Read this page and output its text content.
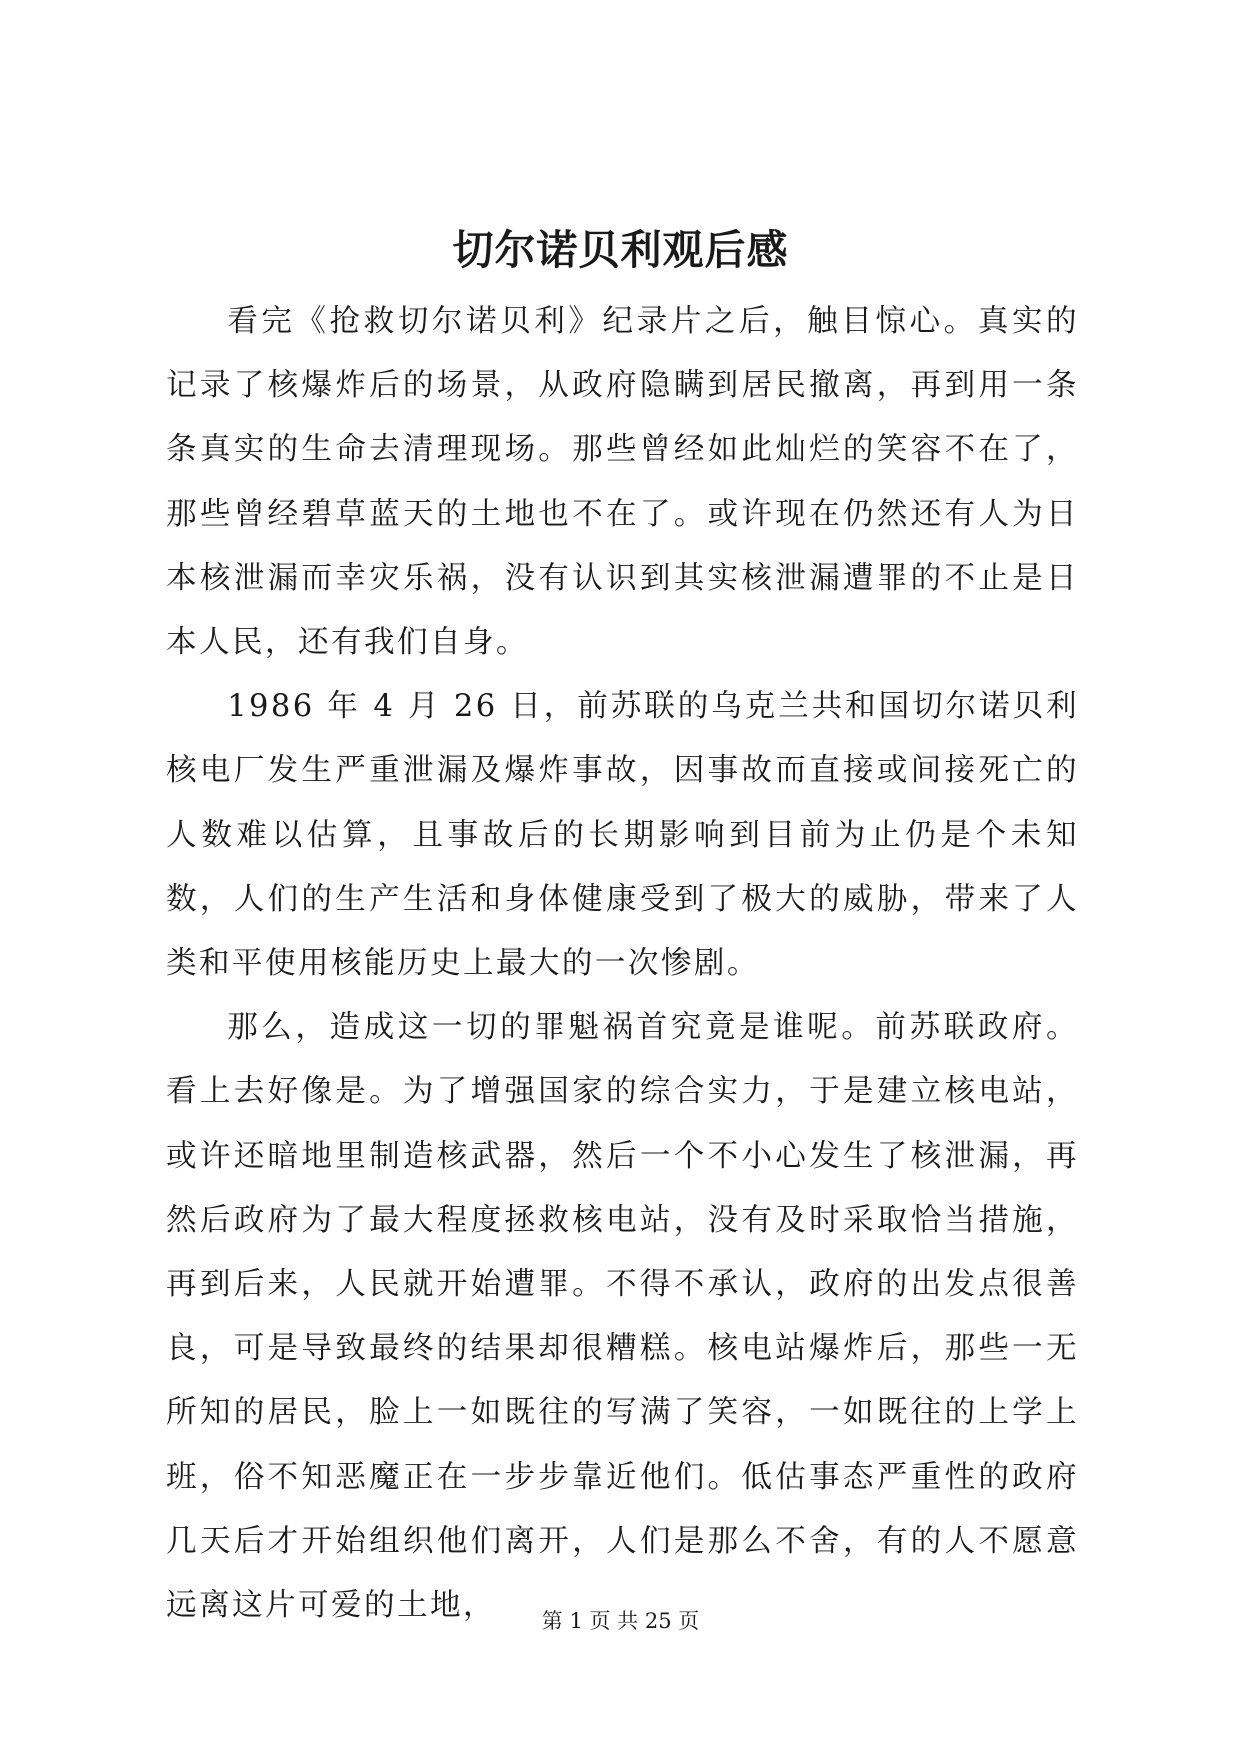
切尔诺贝利观后感

看完《抢救切尔诺贝利》纪录片之后，触目惊心。真实的记录了核爆炸后的场景，从政府隐瞒到居民撤离，再到用一条条真实的生命去清理现场。那些曾经如此灿烂的笑容不在了，那些曾经碧草蓝天的土地也不在了。或许现在仍然还有人为日本核泄漏而幸灾乐祸，没有认识到其实核泄漏遭罪的不止是日本人民，还有我们自身。

1986 年 4 月 26 日，前苏联的乌克兰共和国切尔诺贝利核电厂发生严重泄漏及爆炸事故，因事故而直接或间接死亡的人数难以估算，且事故后的长期影响到目前为止仍是个未知数，人们的生产生活和身体健康受到了极大的威胁，带来了人类和平使用核能历史上最大的一次惨剧。

那么，造成这一切的罪魁祸首究竟是谁呢。前苏联政府。看上去好像是。为了增强国家的综合实力，于是建立核电站，或许还暗地里制造核武器，然后一个不小心发生了核泄漏，再然后政府为了最大程度拯救核电站，没有及时采取恰当措施，再到后来，人民就开始遭罪。不得不承认，政府的出发点很善良，可是导致最终的结果却很糟糕。核电站爆炸后，那些一无所知的居民，脸上一如既往的写满了笑容，一如既往的上学上班，俗不知恶魔正在一步步靠近他们。低估事态严重性的政府几天后才开始组织他们离开，人们是那么不舍，有的人不愿意远离这片可爱的土地，	第 1 页 共 25 页
